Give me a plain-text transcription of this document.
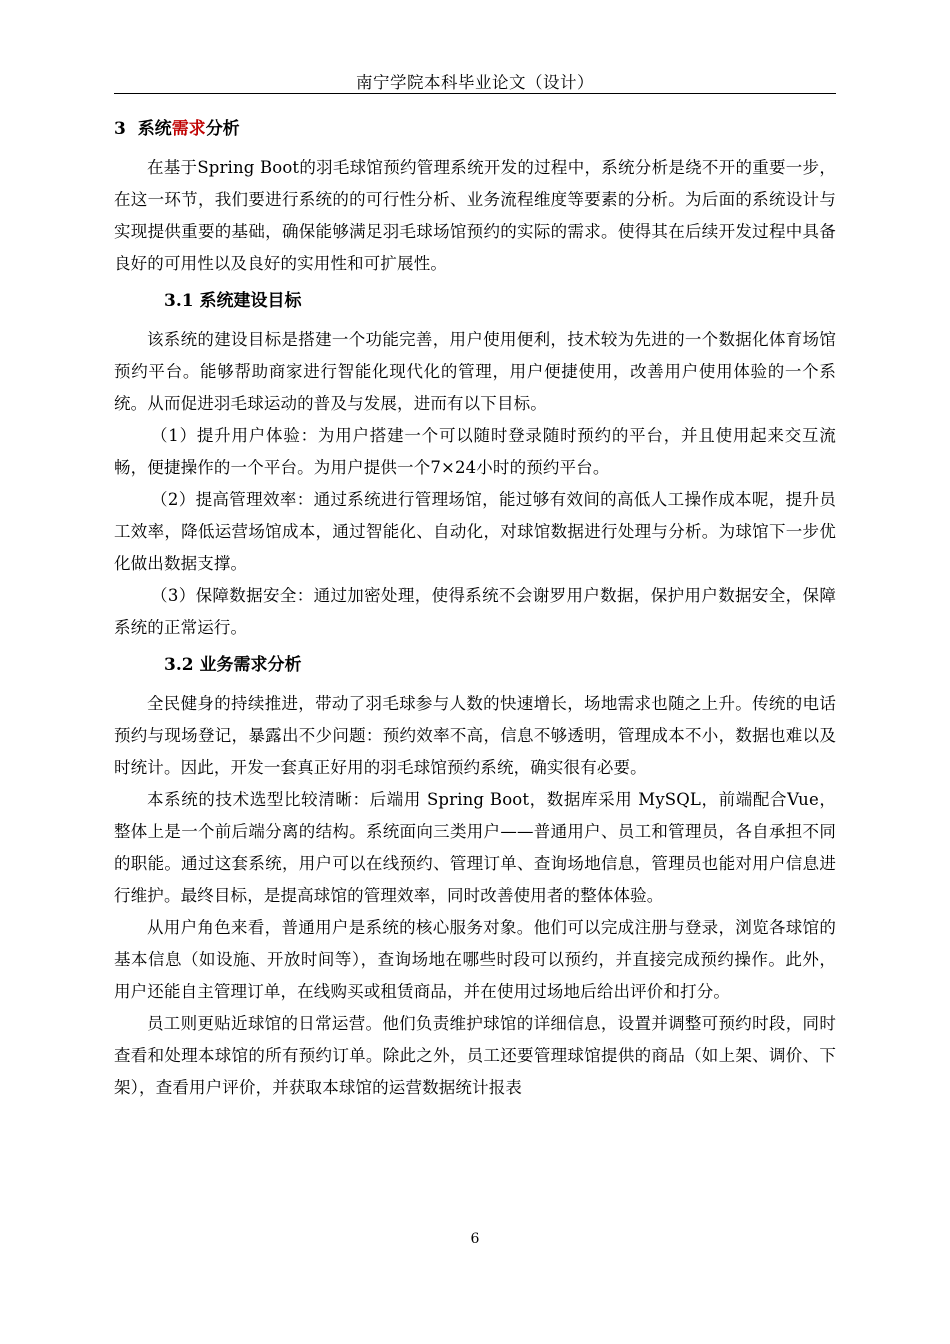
南宁学院本科毕业论文（设计）
3 系统需求分析

在基于Spring Boot的羽毛球馆预约管理系统开发的过程中，系统分析是绕不开的重要一步，在这一环节，我们要进行系统的的可行性分析、业务流程维度等要素的分析。为后面的系统设计与实现提供重要的基础，确保能够满足羽毛球场馆预约的实际的需求。使得其在后续开发过程中具备良好的可用性以及良好的实用性和可扩展性。

3.1 系统建设目标

该系统的建设目标是搭建一个功能完善，用户使用便利，技术较为先进的一个数据化体育场馆预约平台。能够帮助商家进行智能化现代化的管理，用户便捷使用，改善用户使用体验的一个系统。从而促进羽毛球运动的普及与发展，进而有以下目标。

（1）提升用户体验：为用户搭建一个可以随时登录随时预约的平台，并且使用起来交互流畅，便捷操作的一个平台。为用户提供一个7×24小时的预约平台。

（2）提高管理效率：通过系统进行管理场馆，能过够有效间的高低人工操作成本呢，提升员工效率，降低运营场馆成本，通过智能化、自动化，对球馆数据进行处理与分析。为球馆下一步优化做出数据支撑。

（3）保障数据安全：通过加密处理，使得系统不会谢罗用户数据，保护用户数据安全，保障系统的正常运行。

3.2 业务需求分析

全民健身的持续推进，带动了羽毛球参与人数的快速增长，场地需求也随之上升。传统的电话预约与现场登记，暴露出不少问题：预约效率不高，信息不够透明，管理成本不小，数据也难以及时统计。因此，开发一套真正好用的羽毛球馆预约系统，确实很有必要。

本系统的技术选型比较清晰：后端用 Spring Boot，数据库采用 MySQL，前端配合Vue，整体上是一个前后端分离的结构。系统面向三类用户——普通用户、员工和管理员，各自承担不同的职能。通过这套系统，用户可以在线预约、管理订单、查询场地信息，管理员也能对用户信息进行维护。最终目标，是提高球馆的管理效率，同时改善使用者的整体体验。

从用户角色来看，普通用户是系统的核心服务对象。他们可以完成注册与登录，浏览各球馆的基本信息（如设施、开放时间等），查询场地在哪些时段可以预约，并直接完成预约操作。此外，用户还能自主管理订单，在线购买或租赁商品，并在使用过场地后给出评价和打分。

员工则更贴近球馆的日常运营。他们负责维护球馆的详细信息，设置并调整可预约时段，同时查看和处理本球馆的所有预约订单。除此之外，员工还要管理球馆提供的商品（如上架、调价、下架），查看用户评价，并获取本球馆的运营数据统计报表

6
